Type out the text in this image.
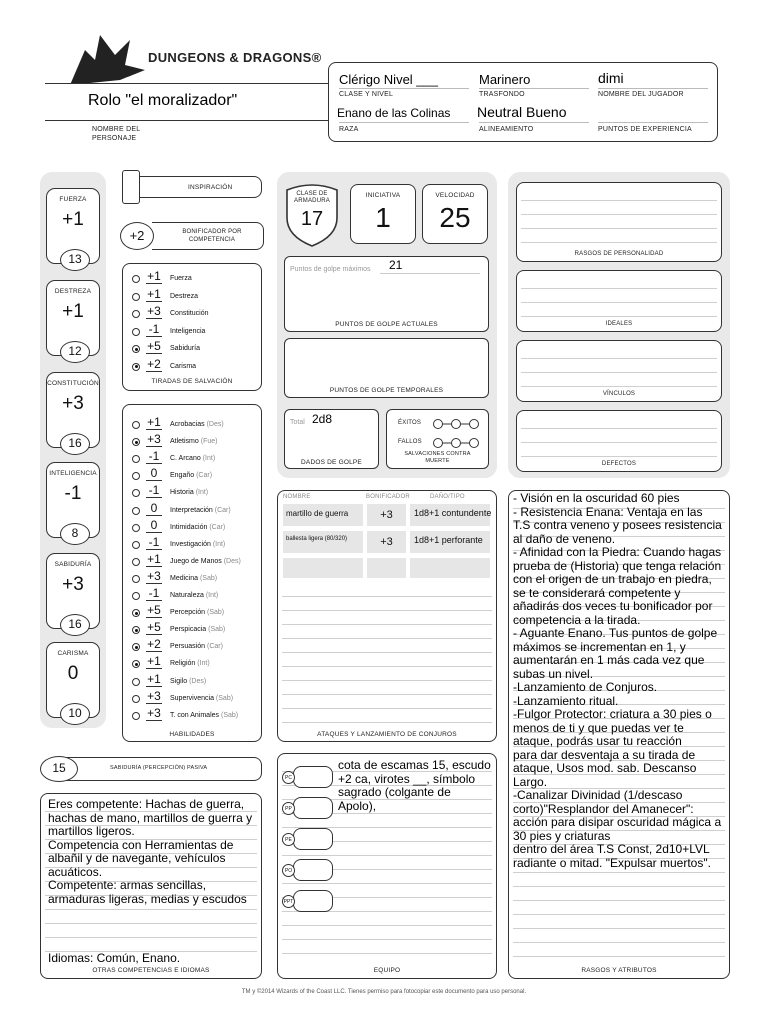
DUNGEONS & DRAGONS®
Rolo "el moralizador"
NOMBRE DEL PERSONAJE
Clérigo Nivel ___
CLASE Y NIVEL
Marinero
TRASFONDO
dimi
NOMBRE DEL JUGADOR
Enano de las Colinas
RAZA
Neutral Bueno
ALINEAMIENTO	PUNTOS DE EXPERIENCIA
FUERZA
+1
13
DESTREZA
+1
12
CONSTITUCIÓN
+3
16
INTELIGENCIA
-1
8
SABIDURÍA
+3
16
CARISMA
0
10
INSPIRACIÓN
+2	BONIFICADOR POR COMPETENCIA
+1 Fuerza
+1 Destreza
+3 Constitución
-1	Inteligencia
+5 Sabiduría
+2 Carisma
TIRADAS DE SALVACIÓN
+1 Acrobacias (Des)
+3 Atletismo (Fue)
-1	C. Arcano (Int)
0	Engaño (Car)
-1	Historia (Int)
0	Interpretación (Car)
0	Intimidación (Car)
-1	Investigación (Int)
+1 Juego de Manos (Des)
+3 Medicina (Sab)
-1	Naturaleza (Int)
+5 Percepción (Sab)
+5 Perspicacia (Sab)
+2 Persuasión (Car)
+1 Religión (Int)
+1 Sigilo (Des)
+3 Supervivencia (Sab)
+3 T. con Animales (Sab)
HABILIDADES
15	SABIDURÍA (PERCEPCIÓN) PASIVA
Eres competente: Hachas de guerra,
hachas de mano, martillos de guerra y
martillos ligeros.
Competencia con Herramientas de
albañil y de navegante, vehículos
acuáticos.
Competente: armas sencillas,
armaduras ligeras, medias y escudos
Idiomas: Común, Enano.
OTRAS COMPETENCIAS E IDIOMAS
CLASE DE ARMADURA
17
INICIATIVA
1
VELOCIDAD
25
Puntos de golpe máximos 21
PUNTOS DE GOLPE ACTUALES
PUNTOS DE GOLPE TEMPORALES
Total 2d8
DADOS DE GOLPE
ÉXITOS
FALLOS
SALVACIONES CONTRA MUERTE
NOMBRE	BONIFICADOR	DAÑO/TIPO
martillo de guerra	+3	1d8+1 contundente
ballesta ligera (80/320)	+3	1d8+1 perforante
ATAQUES Y LANZAMIENTO DE CONJUROS
PC
PP
PE
PO
PPT
cota de escamas 15, escudo
+2 ca, virotes __, símbolo
sagrado (colgante de
Apolo),
EQUIPO
RASGOS DE PERSONALIDAD
IDEALES
VÍNCULOS
DEFECTOS
- Visión en la oscuridad 60 pies
- Resistencia Enana: Ventaja en las
T.S contra veneno y posees resistencia
al daño de veneno.
- Afinidad con la Piedra: Cuando hagas
prueba de (Historia) que tenga relación
con el origen de un trabajo en piedra,
se te considerará competente y
añadirás dos veces tu bonificador por
competencia a la tirada.
- Aguante Enano. Tus puntos de golpe
máximos se incrementan en 1, y
aumentarán en 1 más cada vez que
subas un nivel.
-Lanzamiento de Conjuros.
-Lanzamiento ritual.
-Fulgor Protector: criatura a 30 pies o
menos de ti y que puedas ver te
ataque, podrás usar tu reacción
para dar desventaja a su tirada de
ataque, Usos mod. sab. Descanso
Largo.
-Canalizar Divinidad (1/descaso
corto)"Resplandor del Amanecer":
acción para disipar oscuridad mágica a
30 pies y criaturas
dentro del área T.S Const, 2d10+LVL
radiante o mitad. "Expulsar muertos".
RASGOS Y ATRIBUTOS
TM y ©2014 Wizards of the Coast LLC. Tienes permiso para fotocopiar este documento para uso personal.
